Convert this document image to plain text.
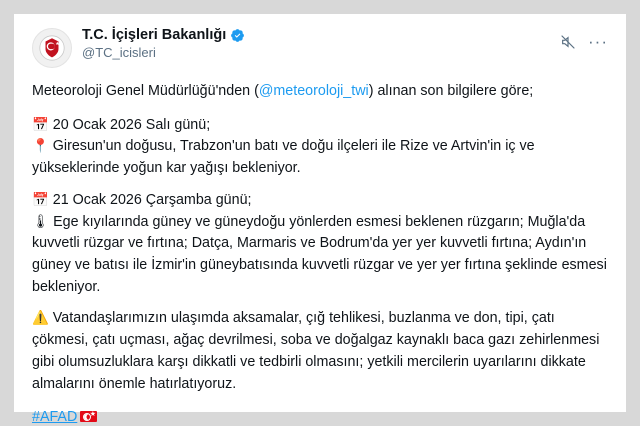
★
T.C. İçişleri Bakanlığı
@TC_icisleri
···

Meteoroloji Genel Müdürlüğü'nden (@meteoroloji_twi) alınan son bilgilere göre;

📅 20 Ocak 2026 Salı günü;
📍 Giresun'un doğusu, Trabzon'un batı ve doğu ilçeleri ile Rize ve Artvin'in iç ve yükseklerinde yoğun kar yağışı bekleniyor.

📅 21 Ocak 2026 Çarşamba günü;
🌡 Ege kıyılarında güney ve güneydoğu yönlerden esmesi beklenen rüzgarın; Muğla'da kuvvetli rüzgar ve fırtına; Datça, Marmaris ve Bodrum'da yer yer kuvvetli fırtına; Aydın'ın güney ve batısı ile İzmir'in güneybatısında kuvvetli rüzgar ve yer yer fırtına şeklinde esmesi bekleniyor.

⚠️ Vatandaşlarımızın ulaşımda aksamalar, çığ tehlikesi, buzlanma ve don, tipi, çatı çökmesi, çatı uçması, ağaç devrilmesi, soba ve doğalgaz kaynaklı baca gazı zehirlenmesi gibi olumsuzluklara karşı dikkatli ve tedbirli olmasını; yetkili mercilerin uyarılarını dikkate almalarını önemle hatırlatıyoruz.

#AFAD★
